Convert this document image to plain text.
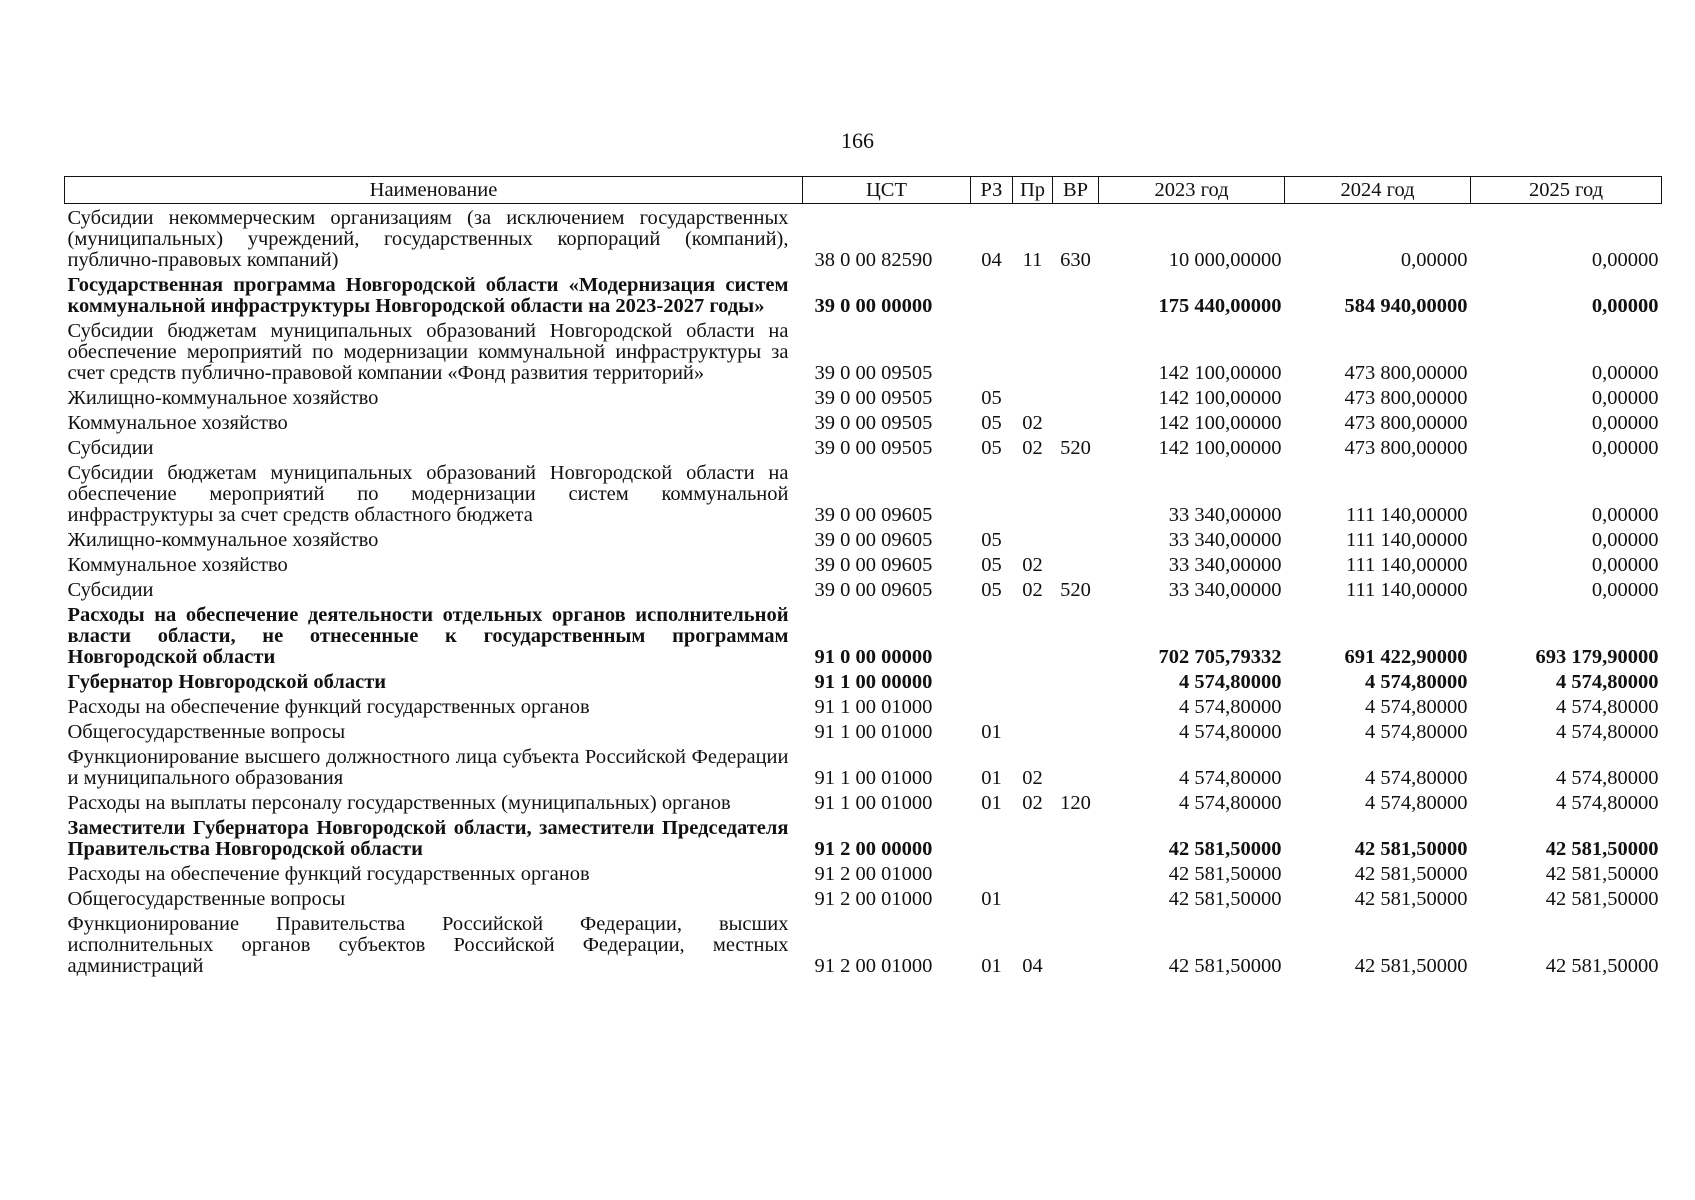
166
Наименование	ЦСТ	РЗ	Пр	ВР	2023 год	2024 год	2025 год
Субсидии некоммерческим организациям (за исключением государственных (муниципальных) учреждений, государственных корпораций (компаний), публично-правовых компаний)	38 0 00 82590	04	11	630	10 000,00000	0,00000	0,00000
Государственная программа Новгородской области «Модернизация систем коммунальной инфраструктуры Новгородской области на 2023-2027 годы»	39 0 00 00000				175 440,00000	584 940,00000	0,00000
Субсидии бюджетам муниципальных образований Новгородской области на обеспечение мероприятий по модернизации коммунальной инфраструктуры за счет средств публично-правовой компании «Фонд развития территорий»	39 0 00 09505				142 100,00000	473 800,00000	0,00000
Жилищно-коммунальное хозяйство	39 0 00 09505	05			142 100,00000	473 800,00000	0,00000
Коммунальное хозяйство	39 0 00 09505	05	02		142 100,00000	473 800,00000	0,00000
Субсидии	39 0 00 09505	05	02	520	142 100,00000	473 800,00000	0,00000
Субсидии бюджетам муниципальных образований Новгородской области на обеспечение мероприятий по модернизации систем коммунальной инфраструктуры за счет средств областного бюджета	39 0 00 09605				33 340,00000	111 140,00000	0,00000
Жилищно-коммунальное хозяйство	39 0 00 09605	05			33 340,00000	111 140,00000	0,00000
Коммунальное хозяйство	39 0 00 09605	05	02		33 340,00000	111 140,00000	0,00000
Субсидии	39 0 00 09605	05	02	520	33 340,00000	111 140,00000	0,00000
Расходы на обеспечение деятельности отдельных органов исполнительной власти области, не отнесенные к государственным программам Новгородской области	91 0 00 00000				702 705,79332	691 422,90000	693 179,90000
Губернатор Новгородской области	91 1 00 00000				4 574,80000	4 574,80000	4 574,80000
Расходы на обеспечение функций государственных органов	91 1 00 01000				4 574,80000	4 574,80000	4 574,80000
Общегосударственные вопросы	91 1 00 01000	01			4 574,80000	4 574,80000	4 574,80000
Функционирование высшего должностного лица субъекта Российской Федерации и муниципального образования	91 1 00 01000	01	02		4 574,80000	4 574,80000	4 574,80000
Расходы на выплаты персоналу государственных (муниципальных) органов	91 1 00 01000	01	02	120	4 574,80000	4 574,80000	4 574,80000
Заместители Губернатора Новгородской области, заместители Председателя Правительства Новгородской области	91 2 00 00000				42 581,50000	42 581,50000	42 581,50000
Расходы на обеспечение функций государственных органов	91 2 00 01000				42 581,50000	42 581,50000	42 581,50000
Общегосударственные вопросы	91 2 00 01000	01			42 581,50000	42 581,50000	42 581,50000
Функционирование Правительства Российской Федерации, высших исполнительных органов субъектов Российской Федерации, местных администраций	91 2 00 01000	01	04		42 581,50000	42 581,50000	42 581,50000
